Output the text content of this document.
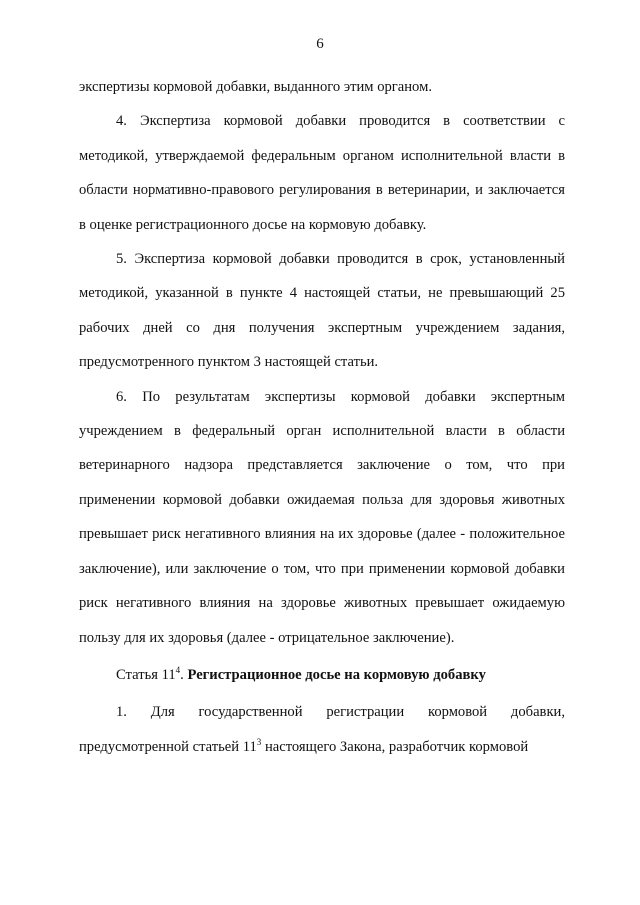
6

экспертизы кормовой добавки, выданного этим органом.

4. Экспертиза кормовой добавки проводится в соответствии с методикой, утверждаемой федеральным органом исполнительной власти в области нормативно-правового регулирования в ветеринарии, и заключается в оценке регистрационного досье на кормовую добавку.

5. Экспертиза кормовой добавки проводится в срок, установленный методикой, указанной в пункте 4 настоящей статьи, не превышающий 25 рабочих дней со дня получения экспертным учреждением задания, предусмотренного пунктом 3 настоящей статьи.

6. По результатам экспертизы кормовой добавки экспертным учреждением в федеральный орган исполнительной власти в области ветеринарного надзора представляется заключение о том, что при применении кормовой добавки ожидаемая польза для здоровья животных превышает риск негативного влияния на их здоровье (далее - положительное заключение), или заключение о том, что при применении кормовой добавки риск негативного влияния на здоровье животных превышает ожидаемую пользу для их здоровья (далее - отрицательное заключение).

Статья $11^4$. Регистрационное досье на кормовую добавку

1. Для государственной регистрации кормовой добавки, предусмотренной статьей $11^3$ настоящего Закона, разработчик кормовой
